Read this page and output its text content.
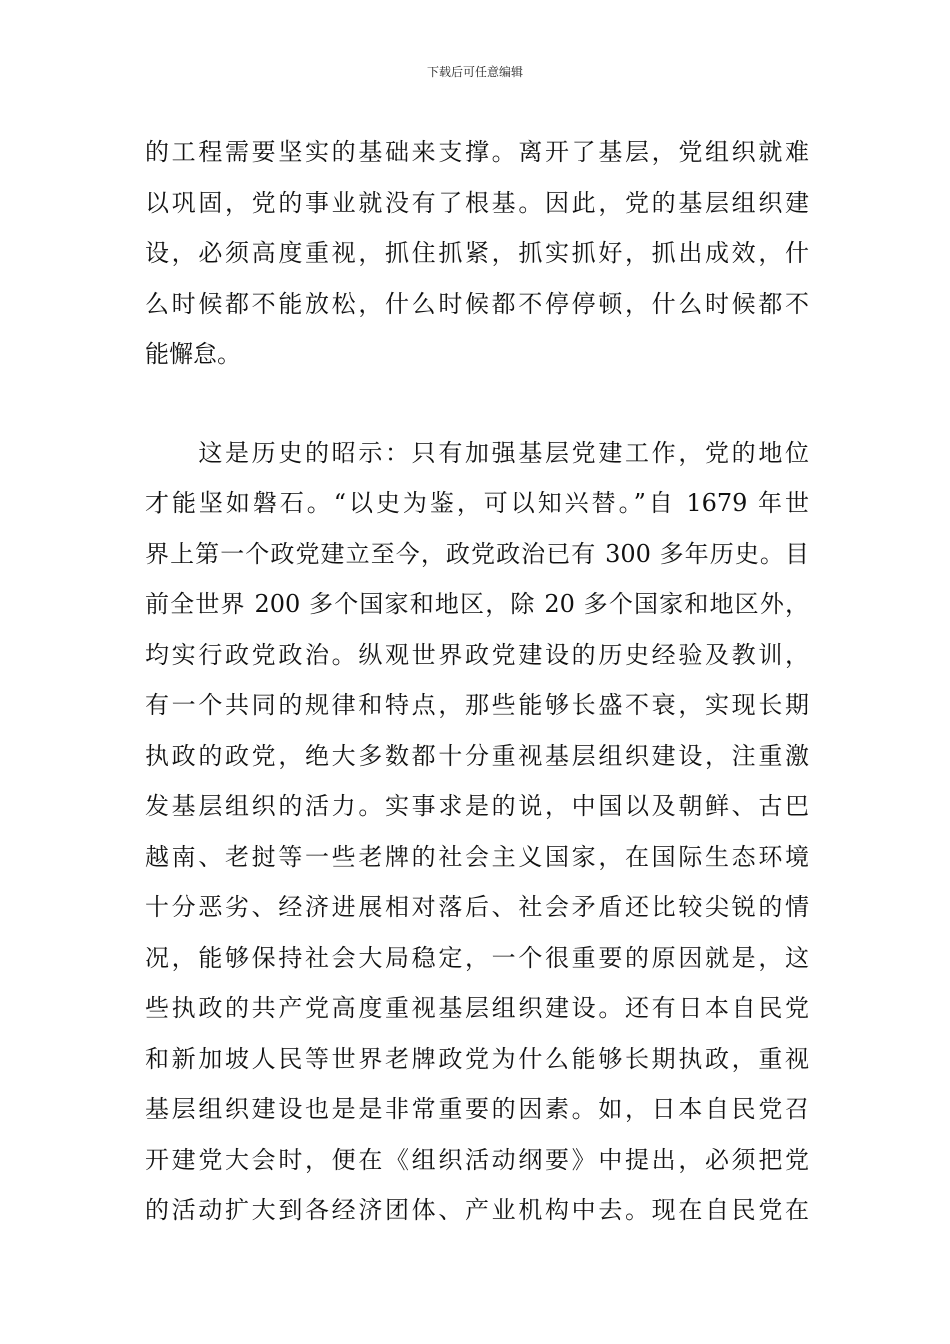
下载后可任意编辑
的工程需要坚实的基础来支撑。离开了基层，党组织就难
以巩固，党的事业就没有了根基。因此，党的基层组织建
设，必须高度重视，抓住抓紧，抓实抓好，抓出成效，什
么时候都不能放松，什么时候都不停停顿，什么时候都不
能懈怠。
　　这是历史的昭示：只有加强基层党建工作，党的地位
才能坚如磐石。“以史为鉴，可以知兴替。”自 1679 年世
界上第一个政党建立至今，政党政治已有 300 多年历史。目
前全世界 200 多个国家和地区，除 20 多个国家和地区外，
均实行政党政治。纵观世界政党建设的历史经验及教训，
有一个共同的规律和特点，那些能够长盛不衰，实现长期
执政的政党，绝大多数都十分重视基层组织建设，注重激
发基层组织的活力。实事求是的说，中国以及朝鲜、古巴
越南、老挝等一些老牌的社会主义国家，在国际生态环境
十分恶劣、经济进展相对落后、社会矛盾还比较尖锐的情
况，能够保持社会大局稳定，一个很重要的原因就是，这
些执政的共产党高度重视基层组织建设。还有日本自民党
和新加坡人民等世界老牌政党为什么能够长期执政，重视
基层组织建设也是是非常重要的因素。如，日本自民党召
开建党大会时，便在《组织活动纲要》中提出，必须把党
的活动扩大到各经济团体、产业机构中去。现在自民党在
